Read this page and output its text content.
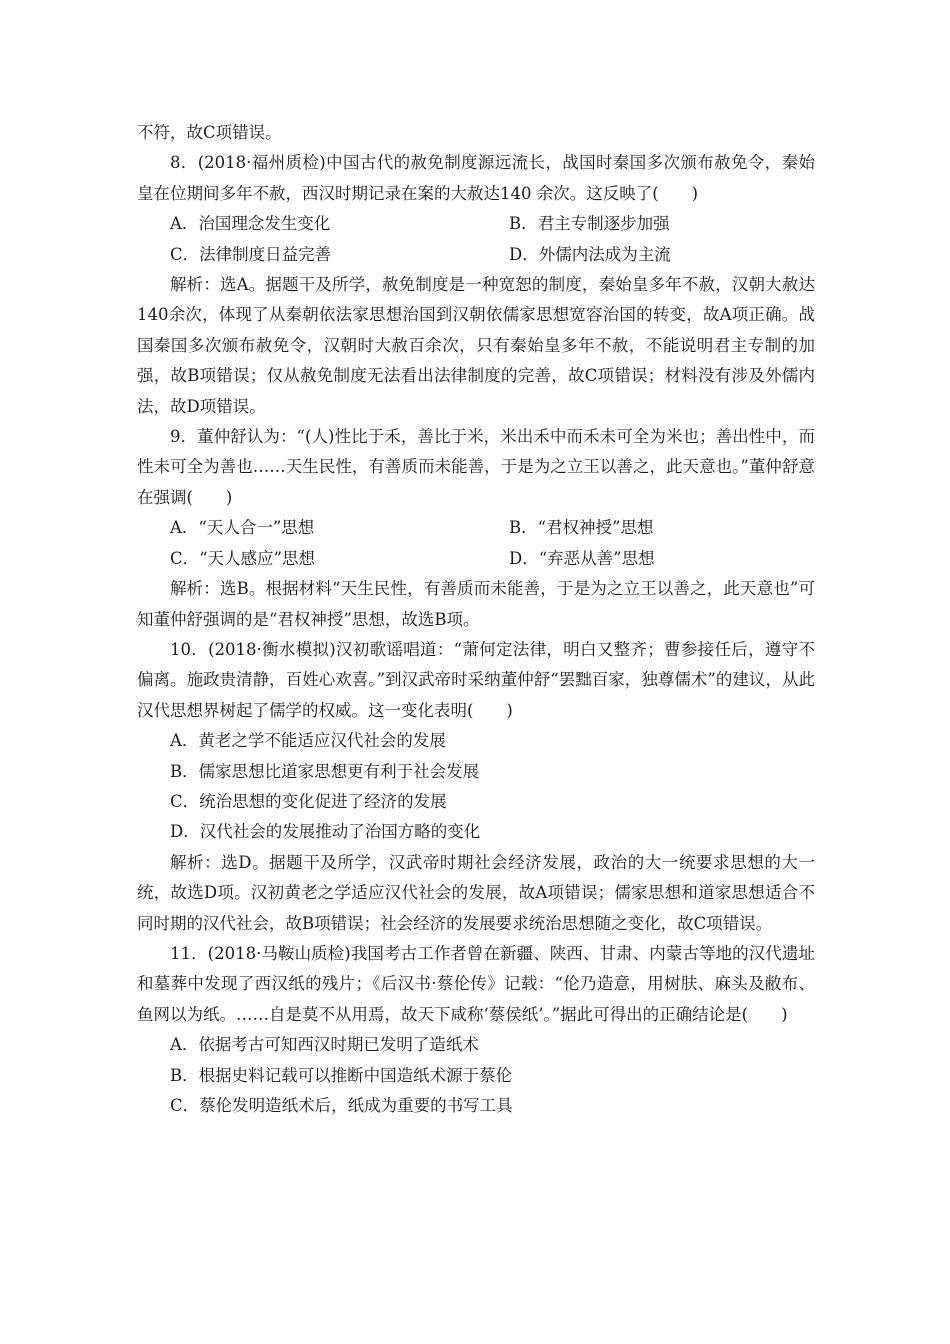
不符，故C项错误。

8．(2018·福州质检)中国古代的赦免制度源远流长，战国时秦国多次颁布赦免令，秦始皇在位期间多年不赦，西汉时期记录在案的大赦达140 余次。这反映了(　　)

A．治国理念发生变化	B．君主专制逐步加强
C．法律制度日益完善	D．外儒内法成为主流

解析：选A。据题干及所学，赦免制度是一种宽恕的制度，秦始皇多年不赦，汉朝大赦达140余次，体现了从秦朝依法家思想治国到汉朝依儒家思想宽容治国的转变，故A项正确。战国秦国多次颁布赦免令，汉朝时大赦百余次，只有秦始皇多年不赦，不能说明君主专制的加强，故B项错误；仅从赦免制度无法看出法律制度的完善，故C项错误；材料没有涉及外儒内法，故D项错误。

9．董仲舒认为：“(人)性比于禾，善比于米，米出禾中而禾未可全为米也；善出性中，而性未可全为善也……天生民性，有善质而未能善，于是为之立王以善之，此天意也。”董仲舒意在强调(　　)

A．“天人合一”思想	B．“君权神授”思想
C．“天人感应”思想	D．“弃恶从善”思想

解析：选B。根据材料“天生民性，有善质而未能善，于是为之立王以善之，此天意也”可知董仲舒强调的是“君权神授”思想，故选B项。

10．(2018·衡水模拟)汉初歌谣唱道：“萧何定法律，明白又整齐；曹参接任后，遵守不偏离。施政贵清静，百姓心欢喜。”到汉武帝时采纳董仲舒“罢黜百家，独尊儒术”的建议，从此汉代思想界树起了儒学的权威。这一变化表明(　　)

A．黄老之学不能适应汉代社会的发展
B．儒家思想比道家思想更有利于社会发展
C．统治思想的变化促进了经济的发展
D．汉代社会的发展推动了治国方略的变化

解析：选D。据题干及所学，汉武帝时期社会经济发展，政治的大一统要求思想的大一统，故选D项。汉初黄老之学适应汉代社会的发展，故A项错误；儒家思想和道家思想适合不同时期的汉代社会，故B项错误；社会经济的发展要求统治思想随之变化，故C项错误。

11．(2018·马鞍山质检)我国考古工作者曾在新疆、陕西、甘肃、内蒙古等地的汉代遗址和墓葬中发现了西汉纸的残片；《后汉书·蔡伦传》记载：“伦乃造意，用树肤、麻头及敝布、鱼网以为纸。……自是莫不从用焉，故天下咸称‘蔡侯纸’。”据此可得出的正确结论是(　　)

A．依据考古可知西汉时期已发明了造纸术
B．根据史料记载可以推断中国造纸术源于蔡伦
C．蔡伦发明造纸术后，纸成为重要的书写工具
